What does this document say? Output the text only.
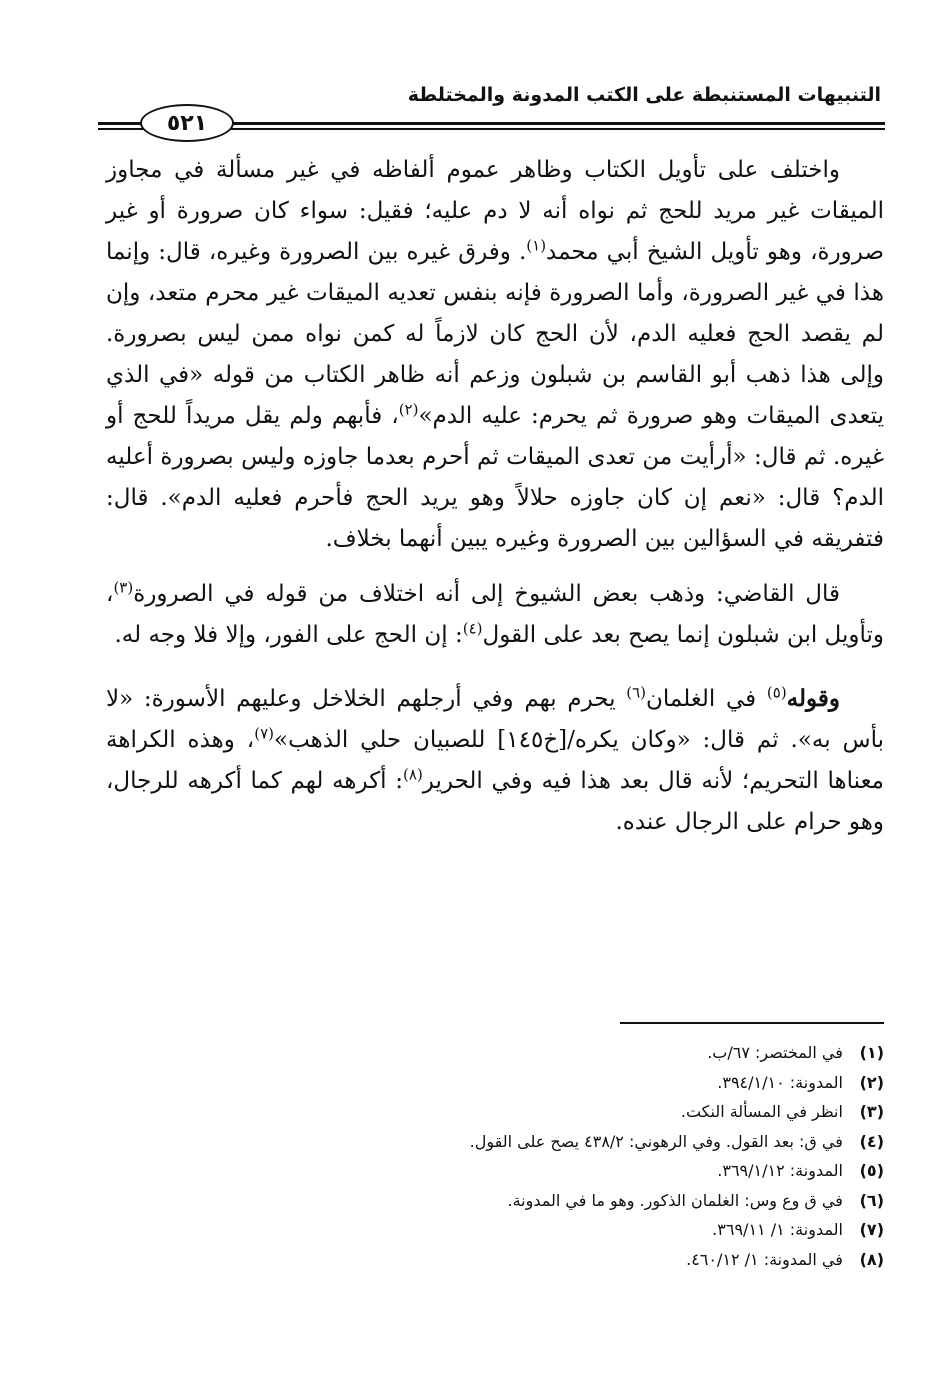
التنبيهات المستنبطة على الكتب المدونة والمختلطة
٥٢١

واختلف على تأويل الكتاب وظاهر عموم ألفاظه في غير مسألة في مجاوز الميقات غير مريد للحج ثم نواه أنه لا دم عليه؛ فقيل: سواء كان صرورة أو غير صرورة، وهو تأويل الشيخ أبي محمد$^{(١)}$. وفرق غيره بين الصرورة وغيره، قال: وإنما هذا في غير الصرورة، وأما الصرورة فإنه بنفس تعديه الميقات غير محرم متعد، وإن لم يقصد الحج فعليه الدم، لأن الحج كان لازماً له كمن نواه ممن ليس بصرورة. وإلى هذا ذهب أبو القاسم بن شبلون وزعم أنه ظاهر الكتاب من قوله «في الذي يتعدى الميقات وهو صرورة ثم يحرم: عليه الدم»$^{(٢)}$، فأبهم ولم يقل مريداً للحج أو غيره. ثم قال: «أرأيت من تعدى الميقات ثم أحرم بعدما جاوزه وليس بصرورة أعليه الدم؟ قال: «نعم إن كان جاوزه حلالاً وهو يريد الحج فأحرم فعليه الدم». قال: فتفريقه في السؤالين بين الصرورة وغيره يبين أنهما بخلاف.

قال القاضي: وذهب بعض الشيوخ إلى أنه اختلاف من قوله في الصرورة$^{(٣)}$، وتأويل ابن شبلون إنما يصح بعد على القول$^{(٤)}$: إن الحج على الفور، وإلا فلا وجه له.

وقوله$^{(٥)}$ في الغلمان$^{(٦)}$ يحرم بهم وفي أرجلهم الخلاخل وعليهم الأسورة: «لا بأس به». ثم قال: «وكان يكره/[خ١٤٥] للصبيان حلي الذهب»$^{(٧)}$، وهذه الكراهة معناها التحريم؛ لأنه قال بعد هذا فيه وفي الحرير$^{(٨)}$: أكرهه لهم كما أكرهه للرجال، وهو حرام على الرجال عنده.

(١) في المختصر: ٦٧/ب.
(٢) المدونة: ٣٩٤/١/١٠.
(٣) انظر في المسألة النكت.
(٤) في ق: بعد القول. وفي الرهوني: ٤٣٨/٢ يصح على القول.
(٥) المدونة: ٣٦٩/١/١٢.
(٦) في ق وع وس: الغلمان الذكور. وهو ما في المدونة.
(٧) المدونة: ١/ ٣٦٩/١١.
(٨) في المدونة: ١/ ٤٦٠/١٢.
